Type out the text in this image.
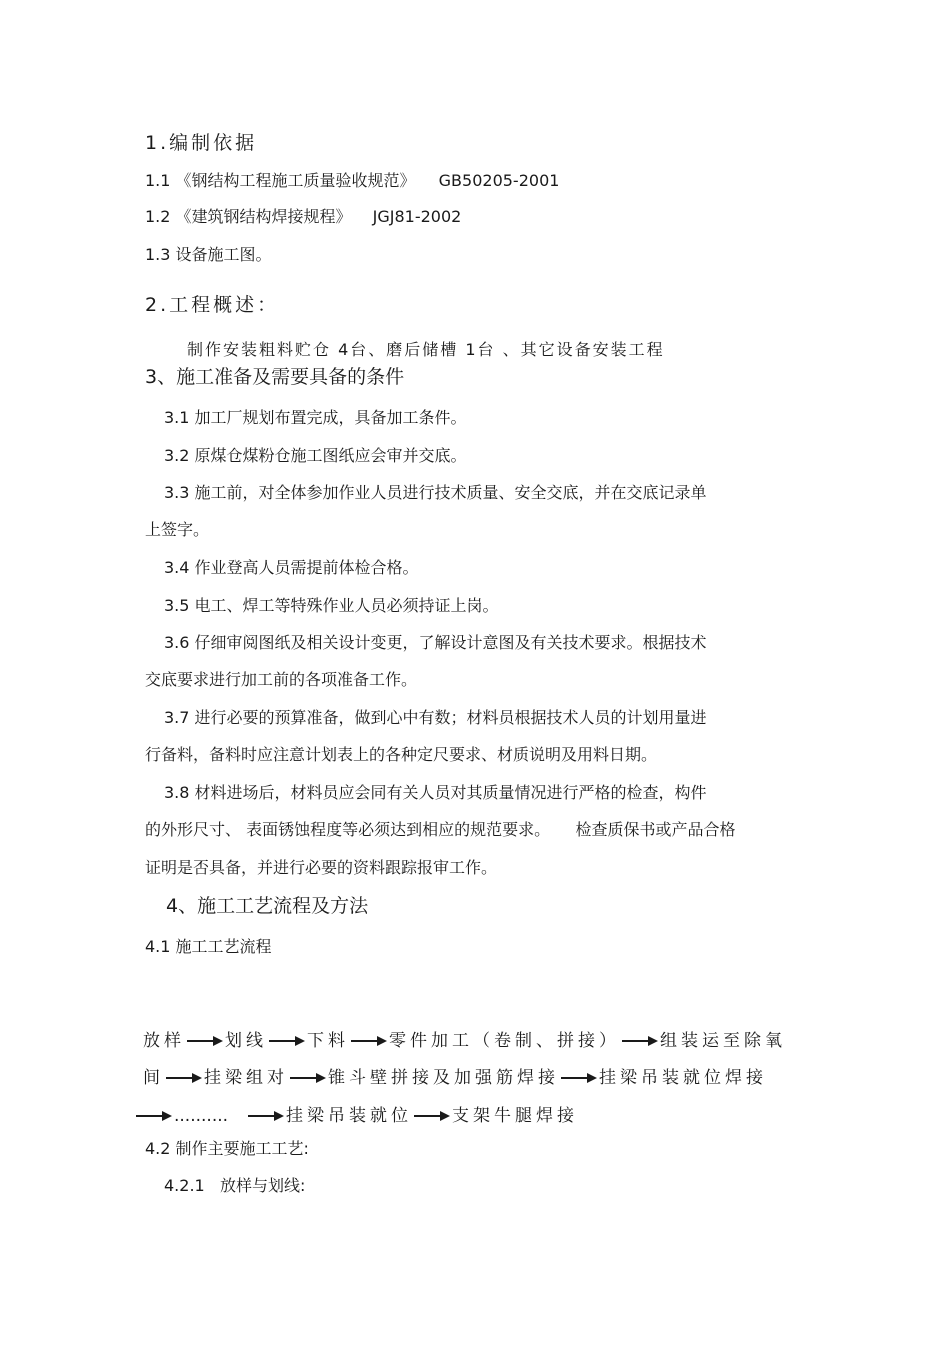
1.编制依据
1.1 《钢结构工程施工质量验收规范》 GB50205-2001
1.2 《建筑钢结构焊接规程》 JGJ81-2002
1.3 设备施工图。
2.工程概述：
制作安装粗料贮仓 4台、磨后储槽 1台 、其它设备安装工程
3、施工准备及需要具备的条件
3.1 加工厂规划布置完成，具备加工条件。
3.2 原煤仓煤粉仓施工图纸应会审并交底。
3.3 施工前，对全体参加作业人员进行技术质量、安全交底，并在交底记录单
上签字。
3.4 作业登高人员需提前体检合格。
3.5 电工、焊工等特殊作业人员必须持证上岗。
3.6 仔细审阅图纸及相关设计变更，了解设计意图及有关技术要求。根据技术
交底要求进行加工前的各项准备工作。
3.7 进行必要的预算准备，做到心中有数；材料员根据技术人员的计划用量进
行备料，备料时应注意计划表上的各种定尺要求、材质说明及用料日期。
3.8 材料进场后，材料员应会同有关人员对其质量情况进行严格的检查，构件
的外形尺寸、 表面锈蚀程度等必须达到相应的规范要求。     检查质保书或产品合格
证明是否具备，并进行必要的资料跟踪报审工作。
4、施工工艺流程及方法
4.1 施工工艺流程
放样 划线 下料 零件加工（卷制、拼接） 组装运至除氧
间 挂梁组对 锥斗壁拼接及加强筋焊接 挂梁吊装就位焊接
..........	挂梁吊装就位 支架牛腿焊接
4.2 制作主要施工工艺:
4.2.1   放样与划线:
